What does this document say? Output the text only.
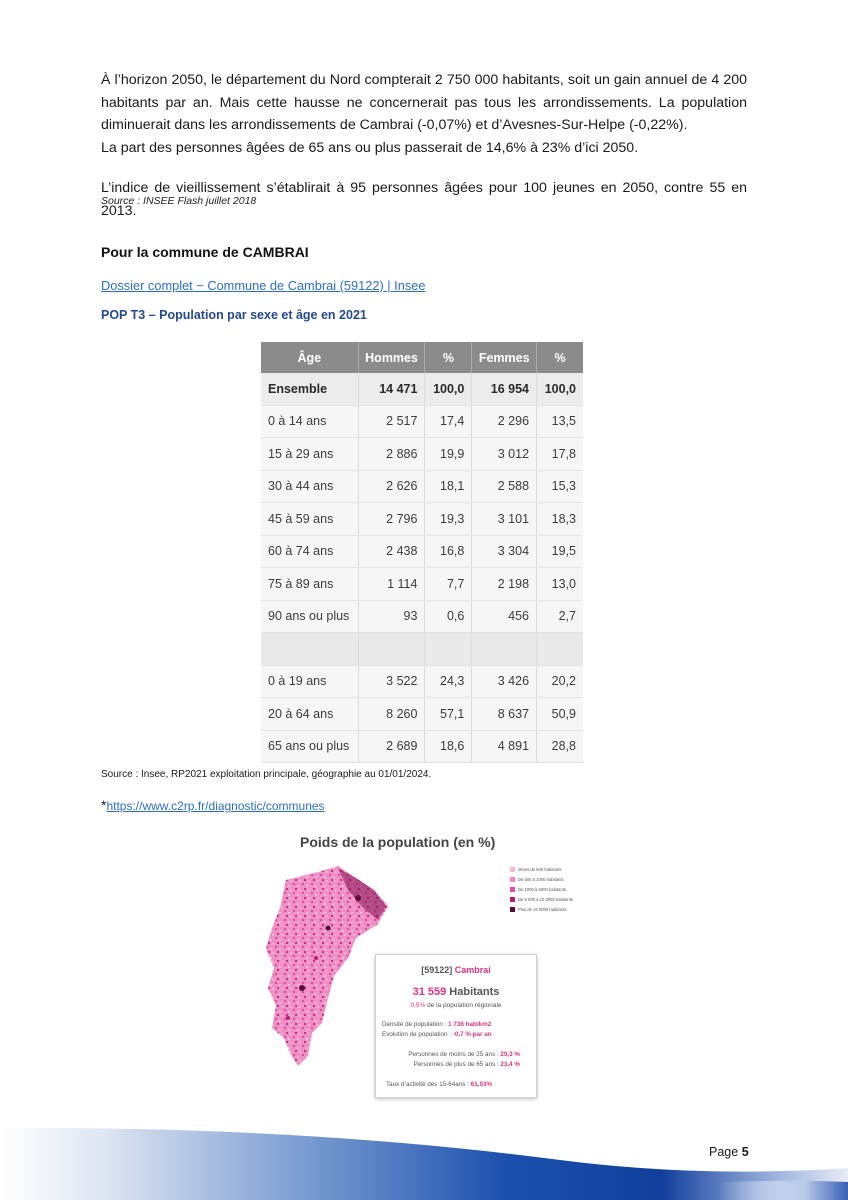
À l’horizon 2050, le département du Nord compterait 2 750 000 habitants, soit un gain annuel de 4 200 habitants par an. Mais cette hausse ne concernerait pas tous les arrondissements. La population diminuerait dans les arrondissements de Cambrai (-0,07%) et d’Avesnes-Sur-Helpe (-0,22%).
La part des personnes âgées de 65 ans ou plus passerait de 14,6% à 23% d’ici 2050.

L’indice de vieillissement s’établirait à 95 personnes âgées pour 100 jeunes en 2050, contre 55 en 2013.

Source : INSEE Flash juillet 2018
Pour la commune de CAMBRAI
Dossier complet − Commune de Cambrai (59122) | Insee
POP T3 – Population par sexe et âge en 2021
Âge	Hommes	%	Femmes	%
Ensemble	14 471	100,0	16 954	100,0
0 à 14 ans	2 517	17,4	2 296	13,5
15 à 29 ans	2 886	19,9	3 012	17,8
30 à 44 ans	2 626	18,1	2 588	15,3
45 à 59 ans	2 796	19,3	3 101	18,3
60 à 74 ans	2 438	16,8	3 304	19,5
75 à 89 ans	1 114	7,7	2 198	13,0
90 ans ou plus	93	0,6	456	2,7

0 à 19 ans	3 522	24,3	3 426	20,2
20 à 64 ans	8 260	57,1	8 637	50,9
65 ans ou plus	2 689	18,6	4 891	28,8
Source : Insee, RP2021 exploitation principale, géographie au 01/01/2024.
*https://www.c2rp.fr/diagnostic/communes
Poids de la population (en %)
Moins de 500 habitants
De 500 à 1000 habitants
De 1000 à 5000 habitants
De 5 000 à 10 0000 habitants
Plus de 10 0000 habitants
[59122] Cambrai
31 559 Habitants
0,5% de la population régionale
Densité de population : 1 736 hab/km2
Evolution de population : -0,7 % par an
Personnes de moins de 25 ans : 29,3 %
Personnes de plus de 65 ans : 23,4 %
Taux d’activité des 15-64ans : 61,03%
Page 5
